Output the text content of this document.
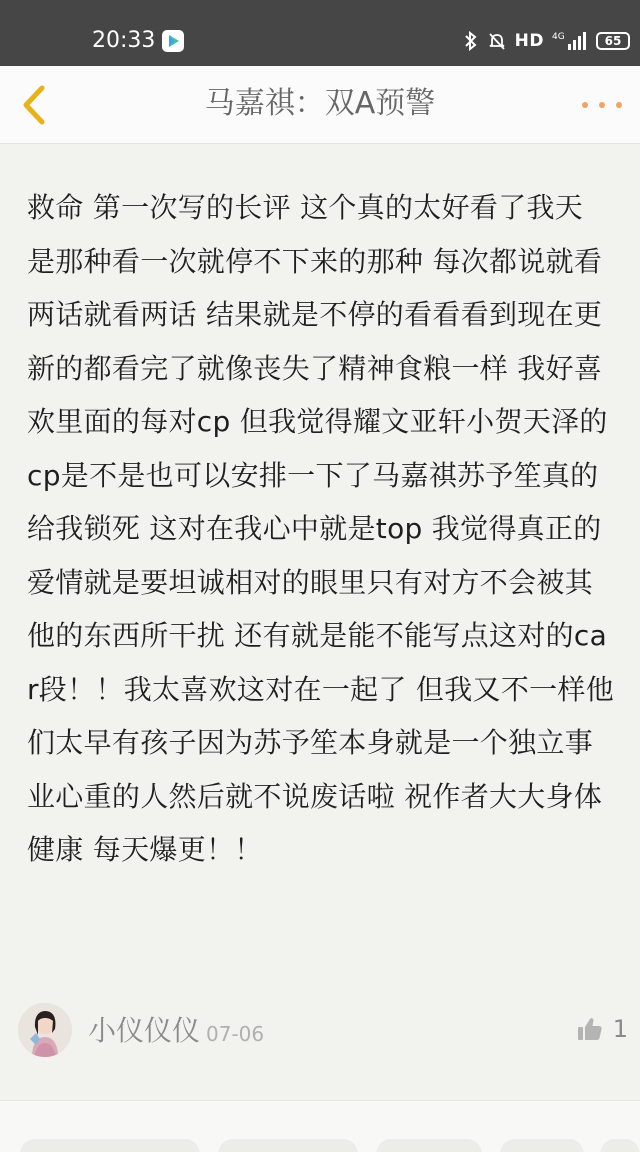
20:33	HD 4G	65
马嘉祺：双A预警

救命 第一次写的长评 这个真的太好看了我天 是那种看一次就停不下来的那种 每次都说就看两话就看两话 结果就是不停的看看看到现在更新的都看完了就像丧失了精神食粮一样 我好喜欢里面的每对cp 但我觉得耀文亚轩小贺天泽的cp是不是也可以安排一下了马嘉祺苏予笙真的给我锁死 这对在我心中就是top 我觉得真正的爱情就是要坦诚相对的眼里只有对方不会被其他的东西所干扰 还有就是能不能写点这对的car段！！我太喜欢这对在一起了 但我又不一样他们太早有孩子因为苏予笙本身就是一个独立事业心重的人然后就不说废话啦 祝作者大大身体健康 每天爆更！！

小仪仪仪 07-06	1
